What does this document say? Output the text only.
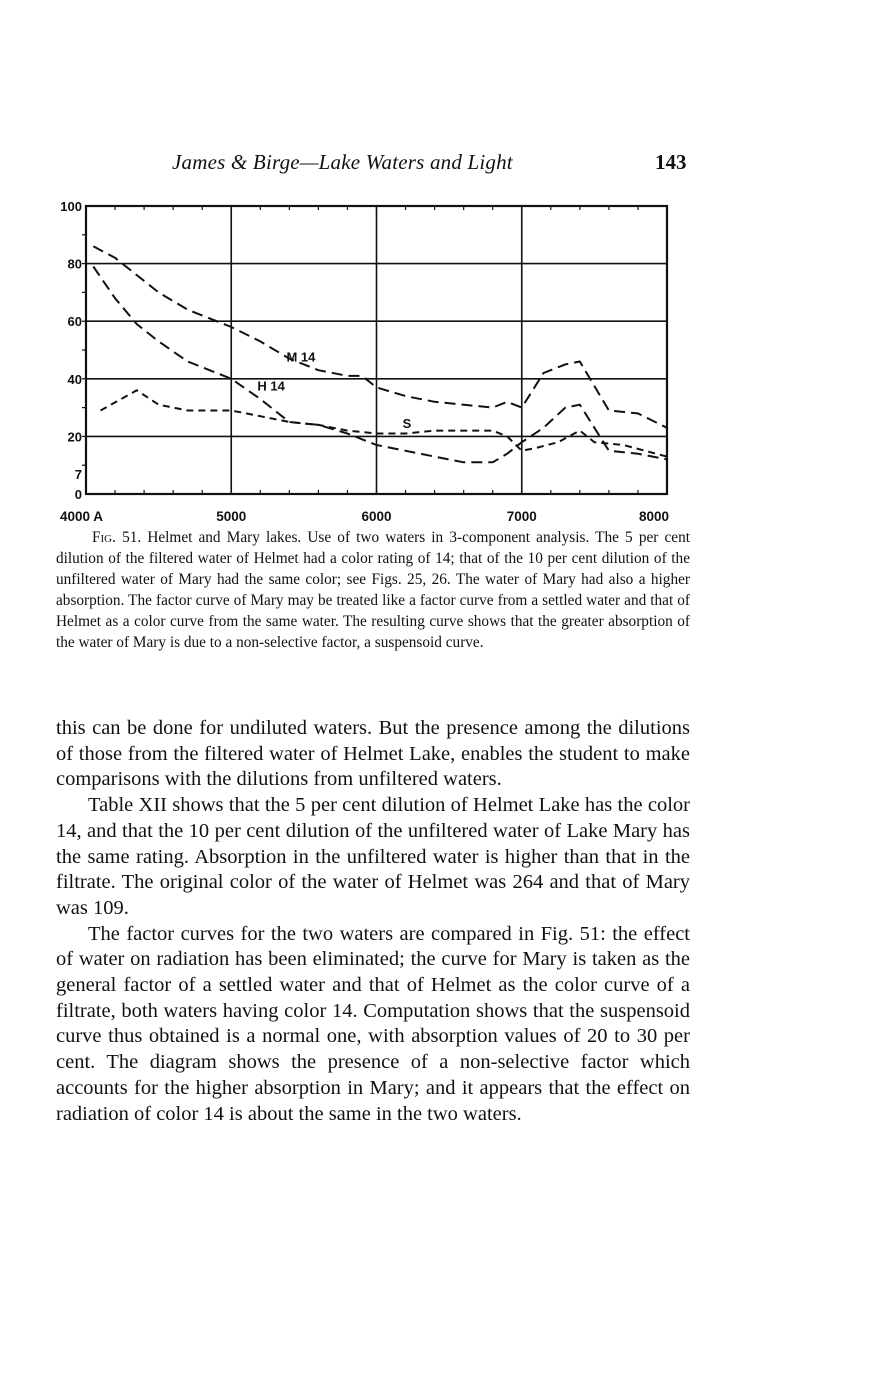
James & Birge—Lake Waters and Light	143
100
80
60
40
20
7
0
4000 A	5000	6000	7000	8000
M 14
H 14
S
Fig. 51. Helmet and Mary lakes. Use of two waters in 3-component analysis. The 5 per cent dilution of the filtered water of Helmet had a color rating of 14; that of the 10 per cent dilution of the unfiltered water of Mary had the same color; see Figs. 25, 26. The water of Mary had also a higher absorption. The factor curve of Mary may be treated like a factor curve from a settled water and that of Helmet as a color curve from the same water. The resulting curve shows that the greater absorption of the water of Mary is due to a non-selective factor, a suspensoid curve.

this can be done for undiluted waters. But the presence among the dilutions of those from the filtered water of Helmet Lake, enables the student to make comparisons with the dilutions from unfiltered waters.

Table XII shows that the 5 per cent dilution of Helmet Lake has the color 14, and that the 10 per cent dilution of the unfiltered water of Lake Mary has the same rating. Absorption in the unfiltered water is higher than that in the filtrate. The original color of the water of Helmet was 264 and that of Mary was 109.

The factor curves for the two waters are compared in Fig. 51: the effect of water on radiation has been eliminated; the curve for Mary is taken as the general factor of a settled water and that of Helmet as the color curve of a filtrate, both waters having color 14. Computation shows that the suspensoid curve thus obtained is a normal one, with absorption values of 20 to 30 per cent. The diagram shows the presence of a non-selective factor which accounts for the higher absorption in Mary; and it appears that the effect on radiation of color 14 is about the same in the two waters.
